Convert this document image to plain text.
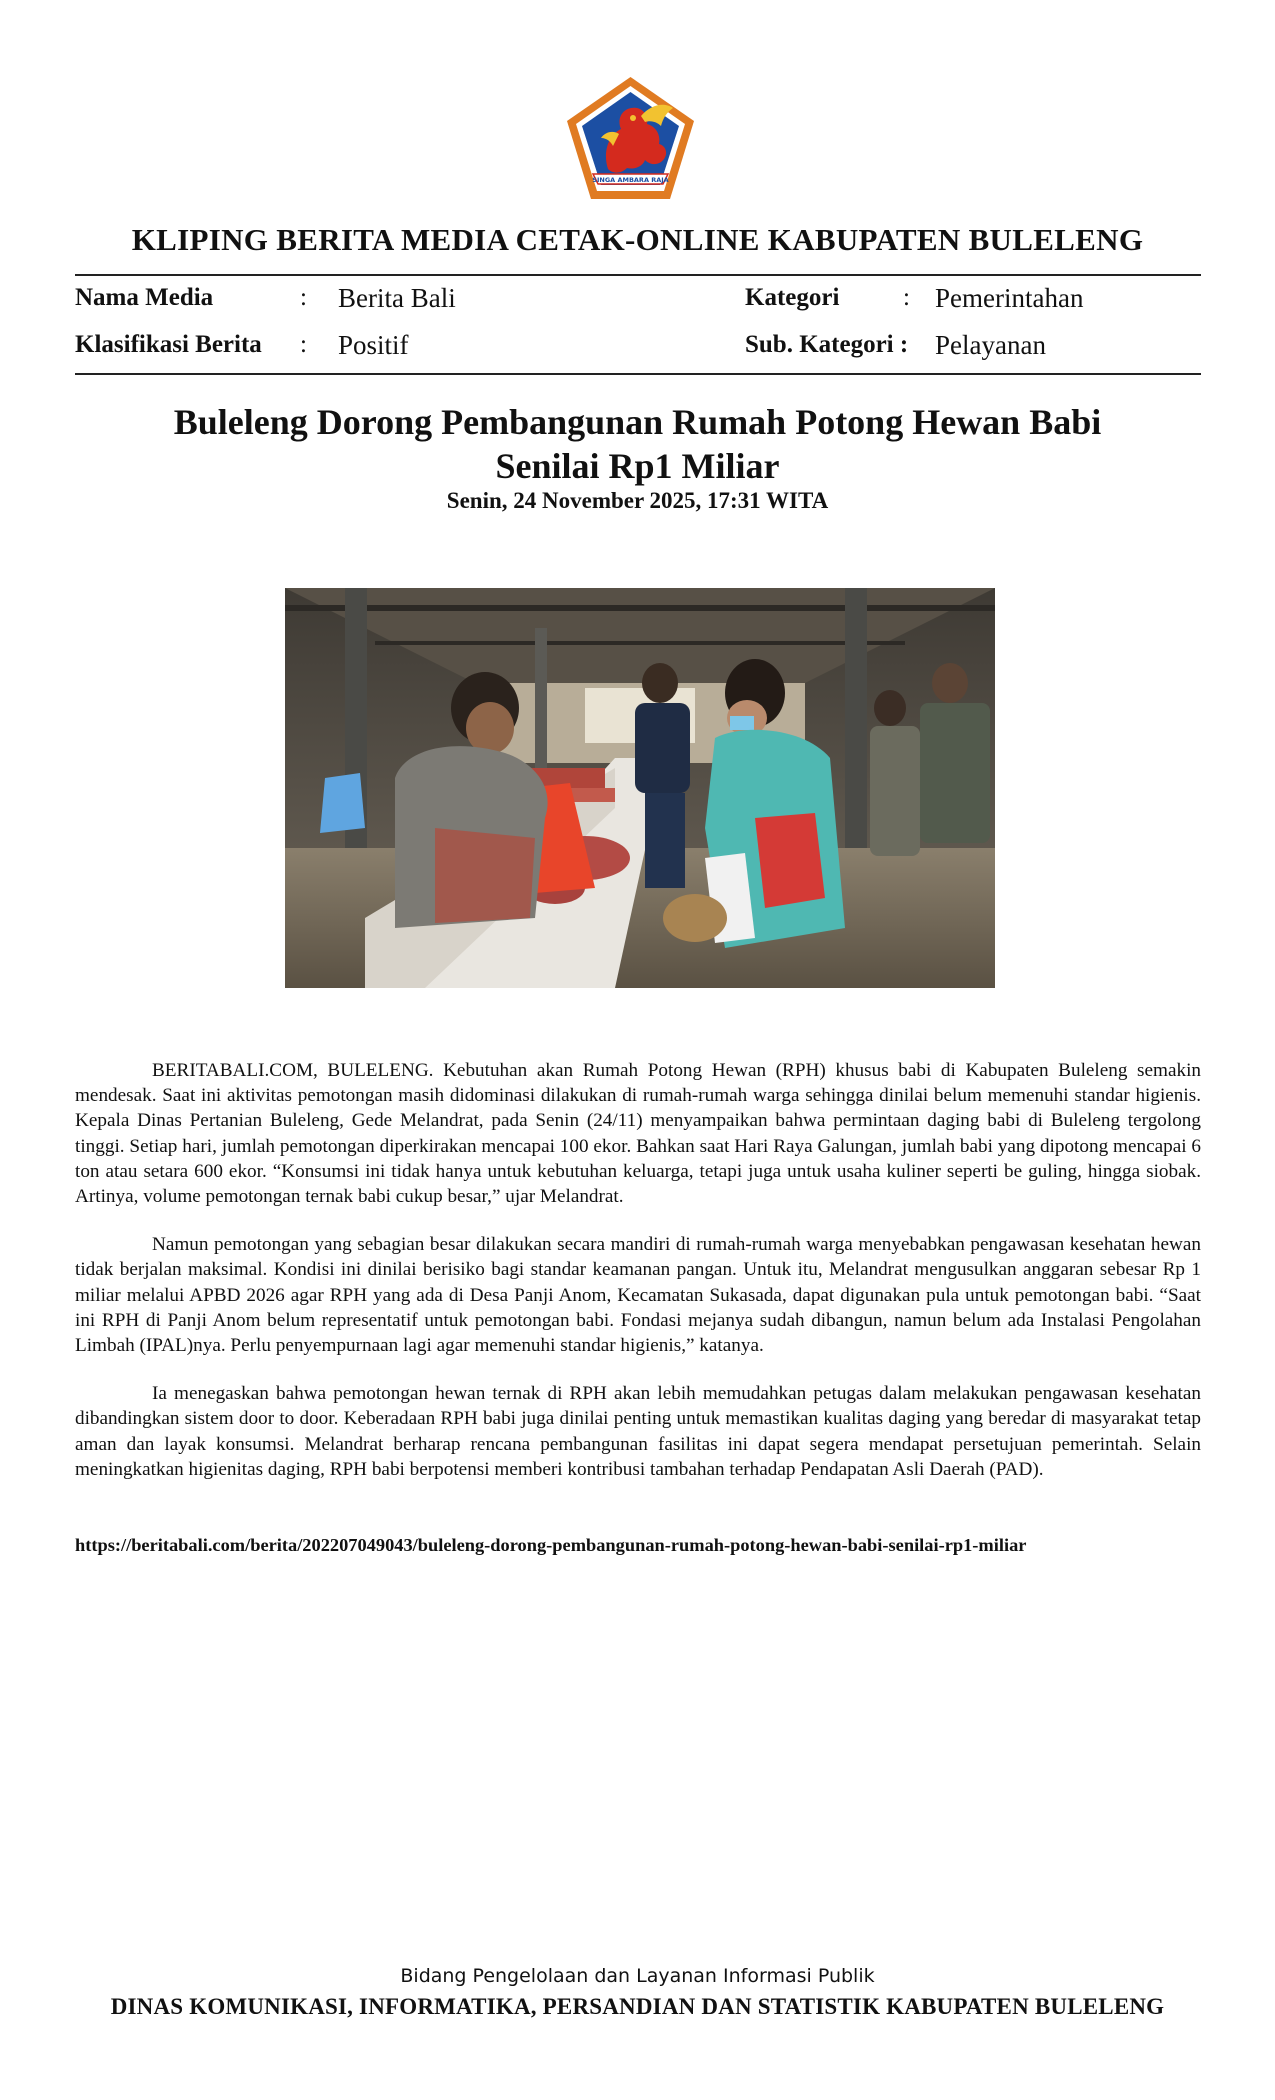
SINGA AMBARA RAJA
KLIPING BERITA MEDIA CETAK-ONLINE KABUPATEN BULELENG
Nama Media	: Berita Bali	Kategori	: Pemerintahan
Klasifikasi Berita : Positif	Sub. Kategori : Pelayanan
Buleleng Dorong Pembangunan Rumah Potong Hewan Babi
Senilai Rp1 Miliar
Senin, 24 November 2025, 17:31 WITA

BERITABALI.COM, BULELENG. Kebutuhan akan Rumah Potong Hewan (RPH) khusus babi di Kabupaten Buleleng semakin mendesak. Saat ini aktivitas pemotongan masih didominasi dilakukan di rumah-rumah warga sehingga dinilai belum memenuhi standar higienis. Kepala Dinas Pertanian Buleleng, Gede Melandrat, pada Senin (24/11) menyampaikan bahwa permintaan daging babi di Buleleng tergolong tinggi. Setiap hari, jumlah pemotongan diperkirakan mencapai 100 ekor. Bahkan saat Hari Raya Galungan, jumlah babi yang dipotong mencapai 6 ton atau setara 600 ekor. “Konsumsi ini tidak hanya untuk kebutuhan keluarga, tetapi juga untuk usaha kuliner seperti be guling, hingga siobak. Artinya, volume pemotongan ternak babi cukup besar,” ujar Melandrat.

Namun pemotongan yang sebagian besar dilakukan secara mandiri di rumah-rumah warga menyebabkan pengawasan kesehatan hewan tidak berjalan maksimal. Kondisi ini dinilai berisiko bagi standar keamanan pangan. Untuk itu, Melandrat mengusulkan anggaran sebesar Rp 1 miliar melalui APBD 2026 agar RPH yang ada di Desa Panji Anom, Kecamatan Sukasada, dapat digunakan pula untuk pemotongan babi. “Saat ini RPH di Panji Anom belum representatif untuk pemotongan babi. Fondasi mejanya sudah dibangun, namun belum ada Instalasi Pengolahan Limbah (IPAL)nya. Perlu penyempurnaan lagi agar memenuhi standar higienis,” katanya.

Ia menegaskan bahwa pemotongan hewan ternak di RPH akan lebih memudahkan petugas dalam melakukan pengawasan kesehatan dibandingkan sistem door to door. Keberadaan RPH babi juga dinilai penting untuk memastikan kualitas daging yang beredar di masyarakat tetap aman dan layak konsumsi. Melandrat berharap rencana pembangunan fasilitas ini dapat segera mendapat persetujuan pemerintah. Selain meningkatkan higienitas daging, RPH babi berpotensi memberi kontribusi tambahan terhadap Pendapatan Asli Daerah (PAD).

https://beritabali.com/berita/202207049043/buleleng-dorong-pembangunan-rumah-potong-hewan-babi-senilai-rp1-miliar
Bidang Pengelolaan dan Layanan Informasi Publik
DINAS KOMUNIKASI, INFORMATIKA, PERSANDIAN DAN STATISTIK KABUPATEN BULELENG
